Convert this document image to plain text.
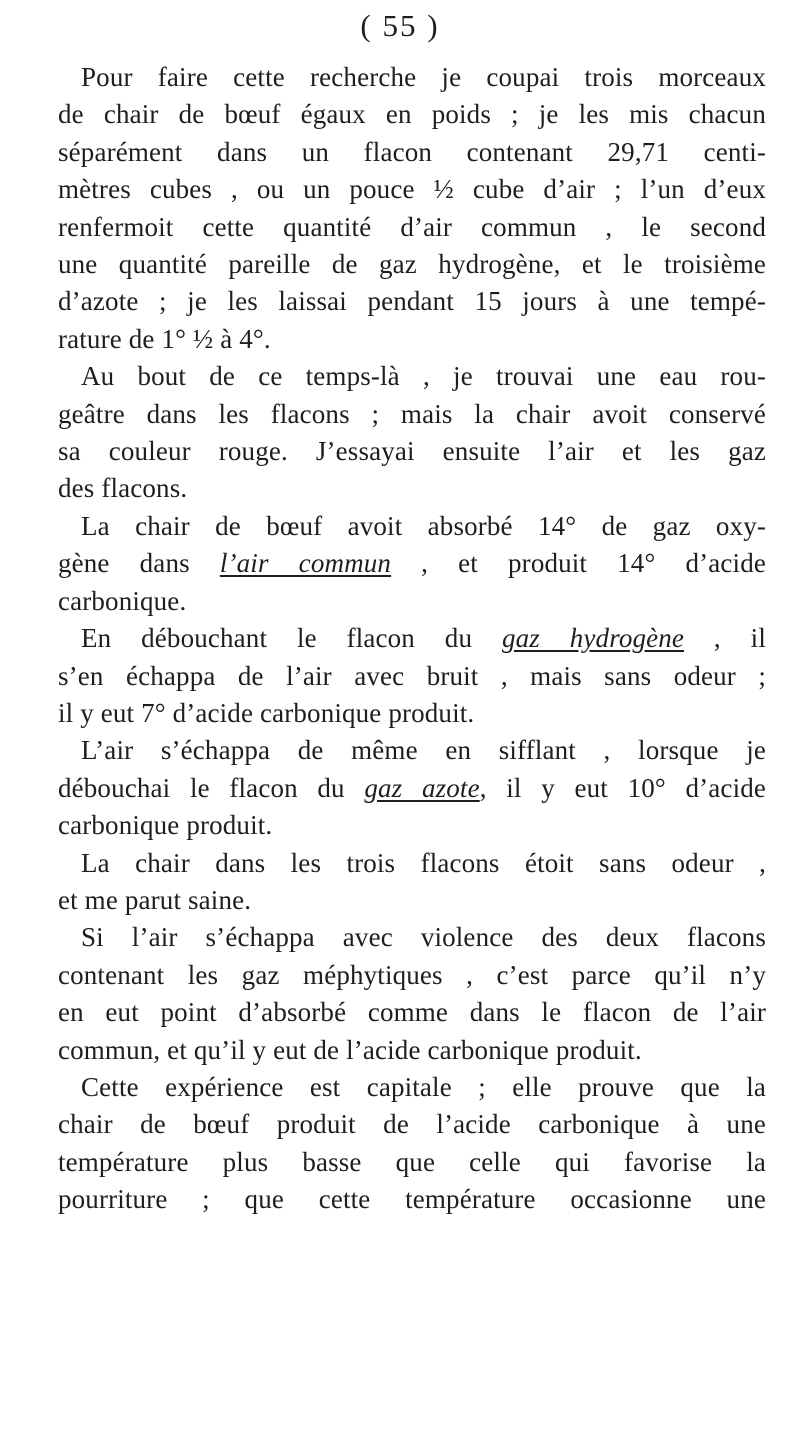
( 55 )

Pour faire cette recherche je coupai trois morceaux
de chair de bœuf égaux en poids ; je les mis chacun
séparément dans un flacon contenant 29,71 centi-
mètres cubes , ou un pouce ½ cube d’air ; l’un d’eux
renfermoit cette quantité d’air commun , le second
une quantité pareille de gaz hydrogène, et le troisième
d’azote ; je les laissai pendant 15 jours à une tempé-
rature de 1° ½ à 4°.

Au bout de ce temps-là , je trouvai une eau rou-
geâtre dans les flacons ; mais la chair avoit conservé
sa couleur rouge. J’essayai ensuite l’air et les gaz
des flacons.

La chair de bœuf avoit absorbé 14° de gaz oxy-
gène dans l’air commun , et produit 14° d’acide
carbonique.

En débouchant le flacon du gaz hydrogène , il
s’en échappa de l’air avec bruit , mais sans odeur ;
il y eut 7° d’acide carbonique produit.

L’air s’échappa de même en sifflant , lorsque je
débouchai le flacon du gaz azote, il y eut 10° d’acide
carbonique produit.

La chair dans les trois flacons étoit sans odeur ,
et me parut saine.

Si l’air s’échappa avec violence des deux flacons
contenant les gaz méphytiques , c’est parce qu’il n’y
en eut point d’absorbé comme dans le flacon de l’air
commun, et qu’il y eut de l’acide carbonique produit.

Cette expérience est capitale ; elle prouve que la
chair de bœuf produit de l’acide carbonique à une
température plus basse que celle qui favorise la
pourriture ; que cette température occasionne une
